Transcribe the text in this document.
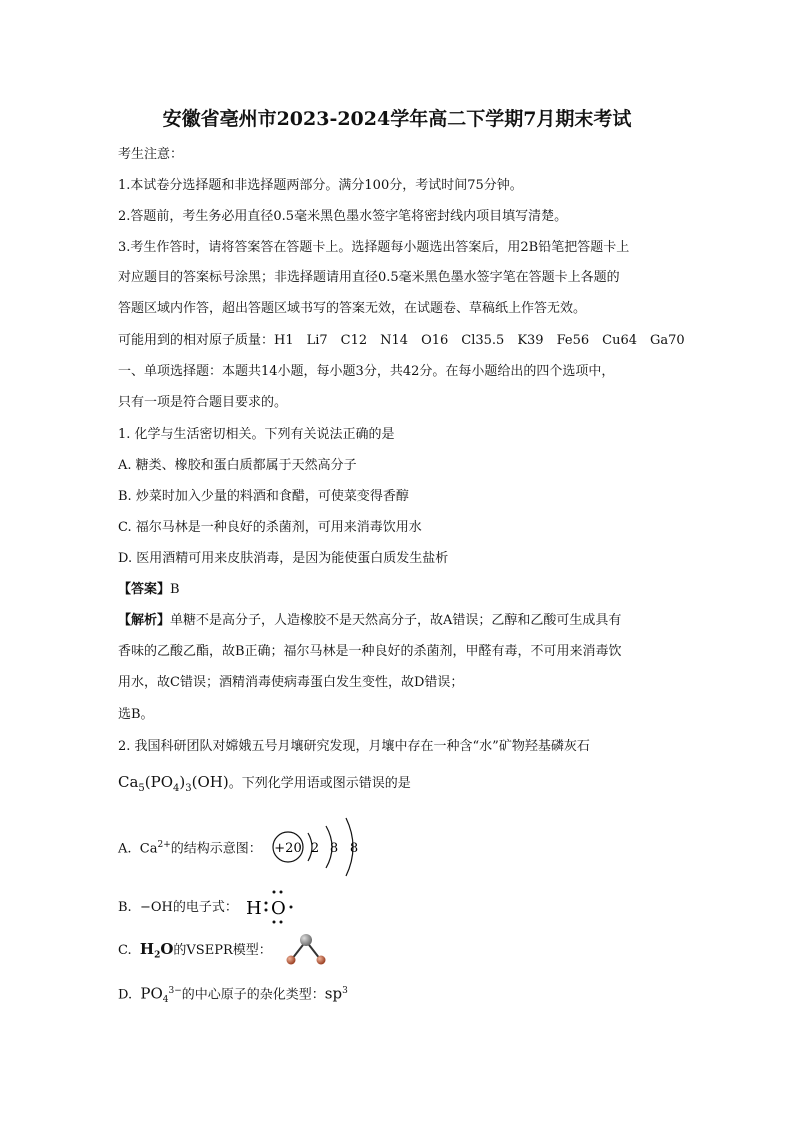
安徽省亳州市2023-2024学年高二下学期7月期末考试
考生注意：
1.本试卷分选择题和非选择题两部分。满分100分，考试时间75分钟。
2.答题前，考生务必用直径0.5毫米黑色墨水签字笔将密封线内项目填写清楚。
3.考生作答时，请将答案答在答题卡上。选择题每小题选出答案后，用2B铅笔把答题卡上
对应题目的答案标号涂黑；非选择题请用直径0.5毫米黑色墨水签字笔在答题卡上各题的
答题区域内作答，超出答题区域书写的答案无效，在试题卷、草稿纸上作答无效。
可能用到的相对原子质量：H1　Li7　C12　N14　O16　Cl35.5　K39　Fe56　Cu64　Ga70
一、单项选择题：本题共14小题，每小题3分，共42分。在每小题给出的四个选项中，
只有一项是符合题目要求的。
1. 化学与生活密切相关。下列有关说法正确的是
A. 糖类、橡胶和蛋白质都属于天然高分子
B. 炒菜时加入少量的料酒和食醋，可使菜变得香醇
C. 福尔马林是一种良好的杀菌剂，可用来消毒饮用水
D. 医用酒精可用来皮肤消毒，是因为能使蛋白质发生盐析
【答案】B
【解析】单糖不是高分子，人造橡胶不是天然高分子，故A错误；乙醇和乙酸可生成具有
香味的乙酸乙酯，故B正确；福尔马林是一种良好的杀菌剂，甲醛有毒，不可用来消毒饮
用水，故C错误；酒精消毒使病毒蛋白发生变性，故D错误；
选B。
2. 我国科研团队对嫦娥五号月壤研究发现，月壤中存在一种含“水”矿物羟基磷灰石
$Ca_5(PO_4)_3(OH)$。下列化学用语或图示错误的是
A. $Ca^{2+}$的结构示意图： +20 2 8 8
B. −OH的电子式： H O
C. $H_2O$的VSEPR模型：
D. $PO_4^{3-}$的中心原子的杂化类型：$sp^3$
